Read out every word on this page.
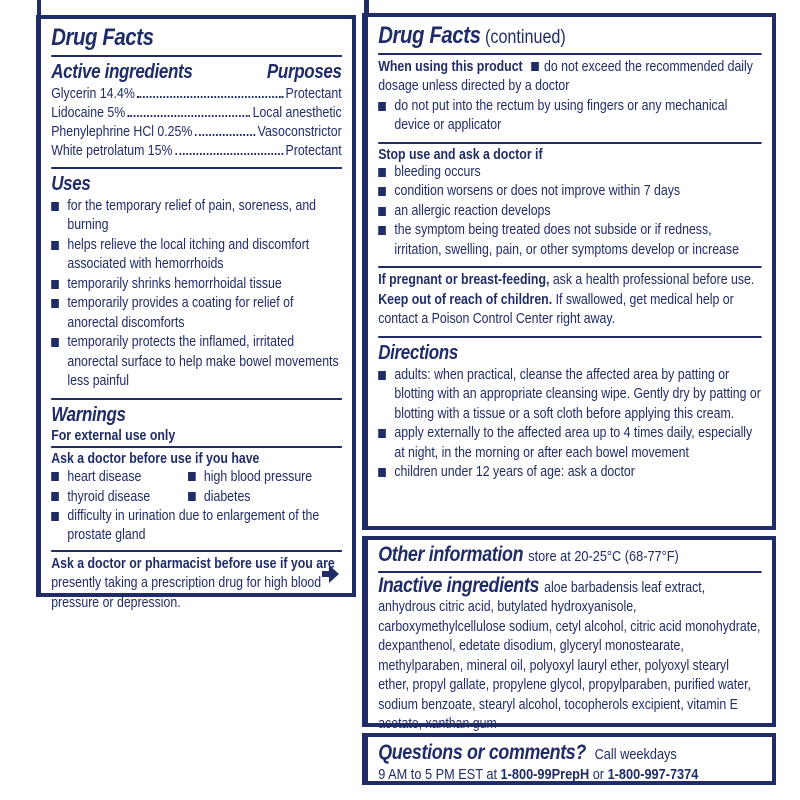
Drug Facts
Active ingredients	Purposes
Glycerin 14.4%	Protectant
Lidocaine 5%	Local anesthetic
Phenylephrine HCl 0.25%	Vasoconstrictor
White petrolatum 15%	Protectant
Uses
for the temporary relief of pain, soreness, and burning
helps relieve the local itching and discomfort associated with hemorrhoids
temporarily shrinks hemorrhoidal tissue
temporarily provides a coating for relief of anorectal discomforts
temporarily protects the inflamed, irritated anorectal surface to help make bowel movements less painful
Warnings
For external use only
Ask a doctor before use if you have
heart disease	high blood pressure
thyroid disease	diabetes
difficulty in urination due to enlargement of the prostate gland

Ask a doctor or pharmacist before use if you are presently taking a prescription drug for high blood pressure or depression.

Drug Facts (continued)

When using this product do not exceed the recommended daily dosage unless directed by a doctor

do not put into the rectum by using fingers or any mechanical device or applicator
Stop use and ask a doctor if
bleeding occurs
condition worsens or does not improve within 7 days
an allergic reaction develops
the symptom being treated does not subside or if redness, irritation, swelling, pain, or other symptoms develop or increase

If pregnant or breast-feeding, ask a health professional before use.

Keep out of reach of children. If swallowed, get medical help or contact a Poison Control Center right away.

Directions
adults: when practical, cleanse the affected area by patting or blotting with an appropriate cleansing wipe. Gently dry by patting or blotting with a tissue or a soft cloth before applying this cream.
apply externally to the affected area up to 4 times daily, especially at night, in the morning or after each bowel movement
children under 12 years of age: ask a doctor

Other information store at 20-25°C (68-77°F)

Inactive ingredients aloe barbadensis leaf extract, anhydrous citric acid, butylated hydroxyanisole, carboxymethylcellulose sodium, cetyl alcohol, citric acid monohydrate, dexpanthenol, edetate disodium, glyceryl monostearate, methylparaben, mineral oil, polyoxyl lauryl ether, polyoxyl stearyl ether, propyl gallate, propylene glycol, propylparaben, purified water, sodium benzoate, stearyl alcohol, tocopherols excipient, vitamin E acetate, xanthan gum

Questions or comments? Call weekdays

9 AM to 5 PM EST at 1-800-99PrepH or 1-800-997-7374
